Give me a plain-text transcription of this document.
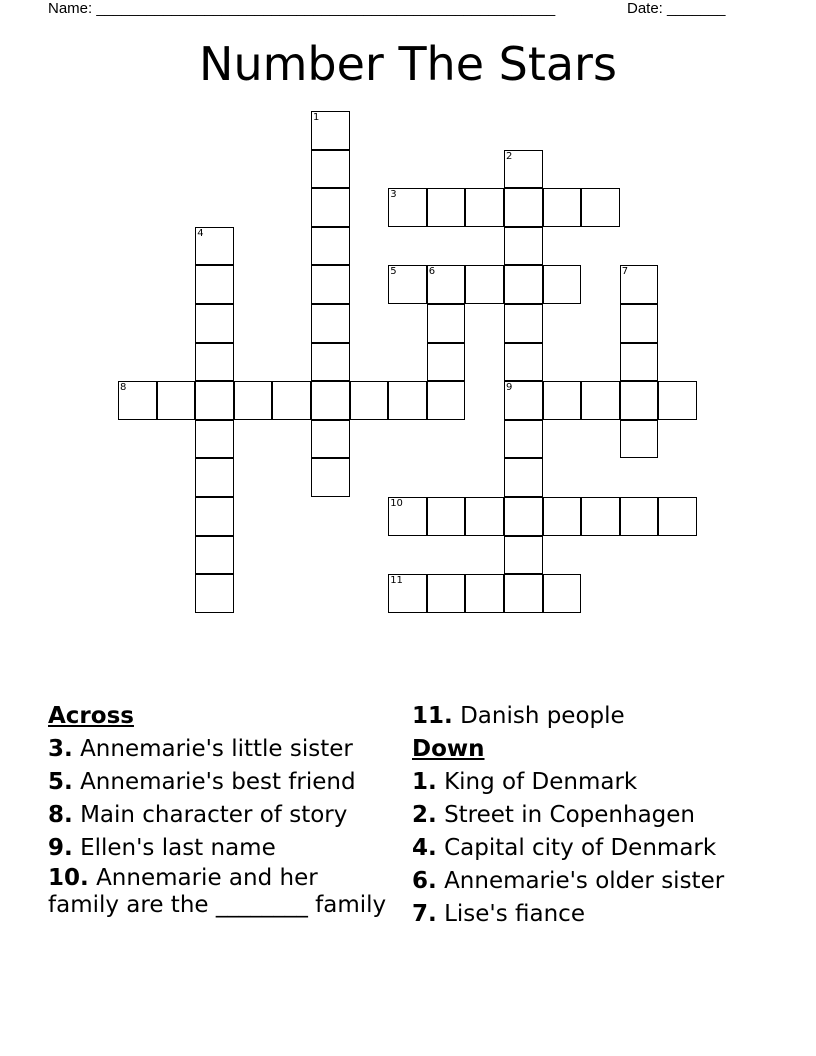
Name: _______________________________________________________	Date: _______
Number The Stars
1
2
9
3
4
5	6	7
8
10
11
Across
3. Annemarie's little sister
5. Annemarie's best friend
8. Main character of story
9. Ellen's last name
10. Annemarie and her family are the ________ family
11. Danish people
Down
1. King of Denmark
2. Street in Copenhagen
4. Capital city of Denmark
6. Annemarie's older sister
7. Lise's fiance
